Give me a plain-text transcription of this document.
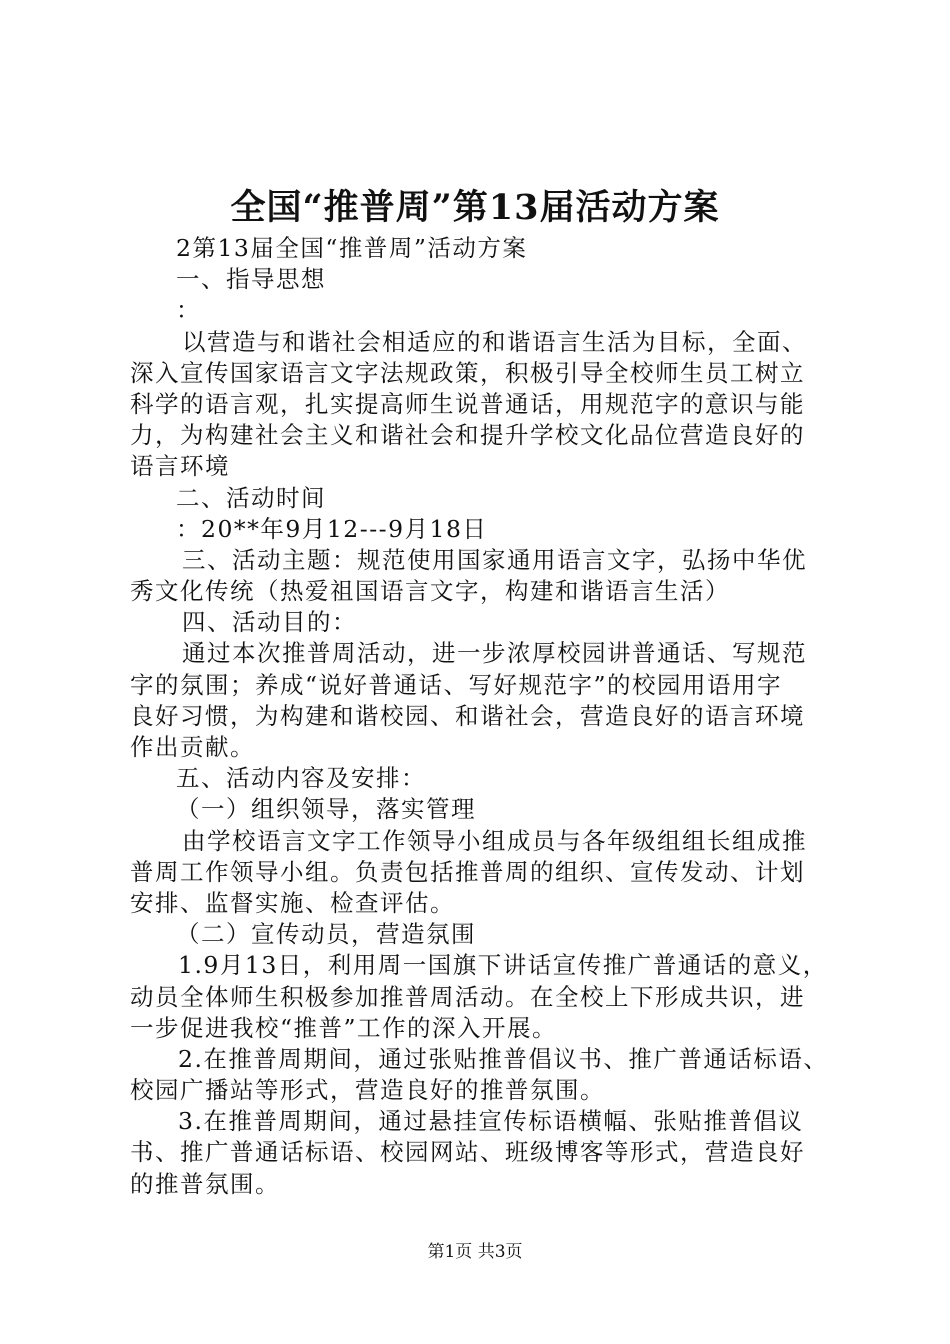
全国“推普周”第13届活动方案
2第13届全国“推普周”活动方案
一、指导思想
：
以营造与和谐社会相适应的和谐语言生活为目标，全面、
深入宣传国家语言文字法规政策，积极引导全校师生员工树立
科学的语言观，扎实提高师生说普通话，用规范字的意识与能
力，为构建社会主义和谐社会和提升学校文化品位营造良好的
语言环境
二、活动时间
：20**年9月12---9月18日
三、活动主题：规范使用国家通用语言文字，弘扬中华优
秀文化传统（热爱祖国语言文字，构建和谐语言生活）
四、活动目的：
通过本次推普周活动，进一步浓厚校园讲普通话、写规范
字的氛围；养成“说好普通话、写好规范字”的校园用语用字
良好习惯，为构建和谐校园、和谐社会，营造良好的语言环境
作出贡献。
五、活动内容及安排：
（一）组织领导，落实管理
由学校语言文字工作领导小组成员与各年级组组长组成推
普周工作领导小组。负责包括推普周的组织、宣传发动、计划
安排、监督实施、检查评估。
（二）宣传动员，营造氛围
1.9月13日，利用周一国旗下讲话宣传推广普通话的意义，
动员全体师生积极参加推普周活动。在全校上下形成共识，进
一步促进我校“推普”工作的深入开展。
2.在推普周期间，通过张贴推普倡议书、推广普通话标语、
校园广播站等形式，营造良好的推普氛围。
3.在推普周期间，通过悬挂宣传标语横幅、张贴推普倡议
书、推广普通话标语、校园网站、班级博客等形式，营造良好
的推普氛围。
第1页 共3页
